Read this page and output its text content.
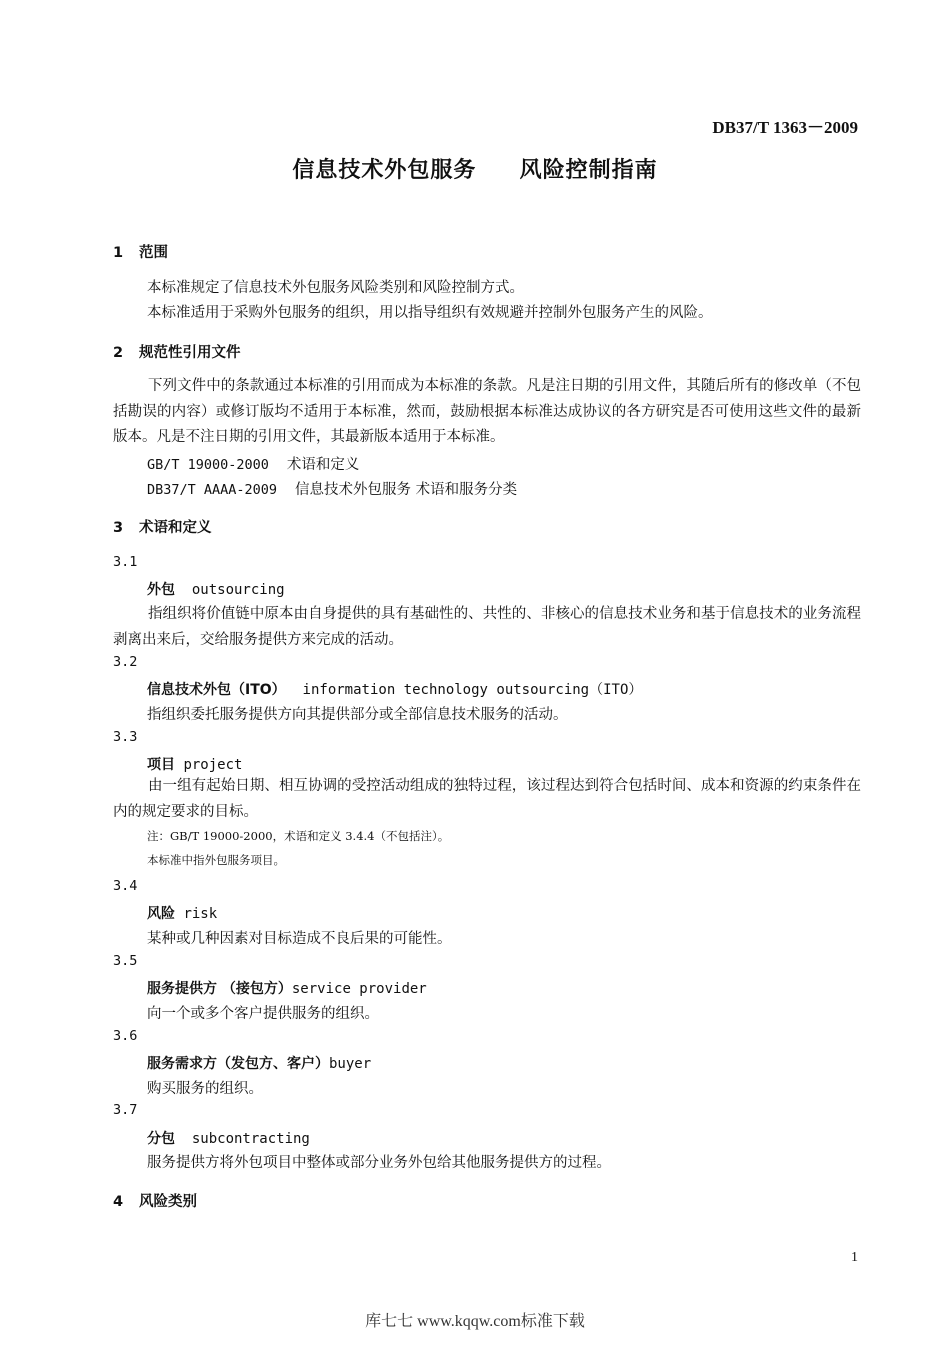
DB37/T 1363－2009
信息技术外包服务 风险控制指南
1 范围
本标准规定了信息技术外包服务风险类别和风险控制方式。
本标准适用于采购外包服务的组织，用以指导组织有效规避并控制外包服务产生的风险。
2 规范性引用文件
下列文件中的条款通过本标准的引用而成为本标准的条款。凡是注日期的引用文件，其随后所有的修改单（不包括勘误的内容）或修订版均不适用于本标准，然而，鼓励根据本标准达成协议的各方研究是否可使用这些文件的最新版本。凡是不注日期的引用文件，其最新版本适用于本标准。
GB/T 19000-2000 术语和定义
DB37/T AAAA-2009 信息技术外包服务 术语和服务分类
3 术语和定义
3.1
外包 outsourcing
指组织将价值链中原本由自身提供的具有基础性的、共性的、非核心的信息技术业务和基于信息技术的业务流程剥离出来后，交给服务提供方来完成的活动。
3.2
信息技术外包（ITO） information technology outsourcing（ITO）
指组织委托服务提供方向其提供部分或全部信息技术服务的活动。
3.3
项目 project
由一组有起始日期、相互协调的受控活动组成的独特过程，该过程达到符合包括时间、成本和资源的约束条件在内的规定要求的目标。
注：GB/T 19000-2000，术语和定义 3.4.4（不包括注）。
本标准中指外包服务项目。
3.4
风险 risk
某种或几种因素对目标造成不良后果的可能性。
3.5
服务提供方 （接包方）service provider
向一个或多个客户提供服务的组织。
3.6
服务需求方（发包方、客户）buyer
购买服务的组织。
3.7
分包 subcontracting
服务提供方将外包项目中整体或部分业务外包给其他服务提供方的过程。
4 风险类别
1
库七七 www.kqqw.com标准下载
